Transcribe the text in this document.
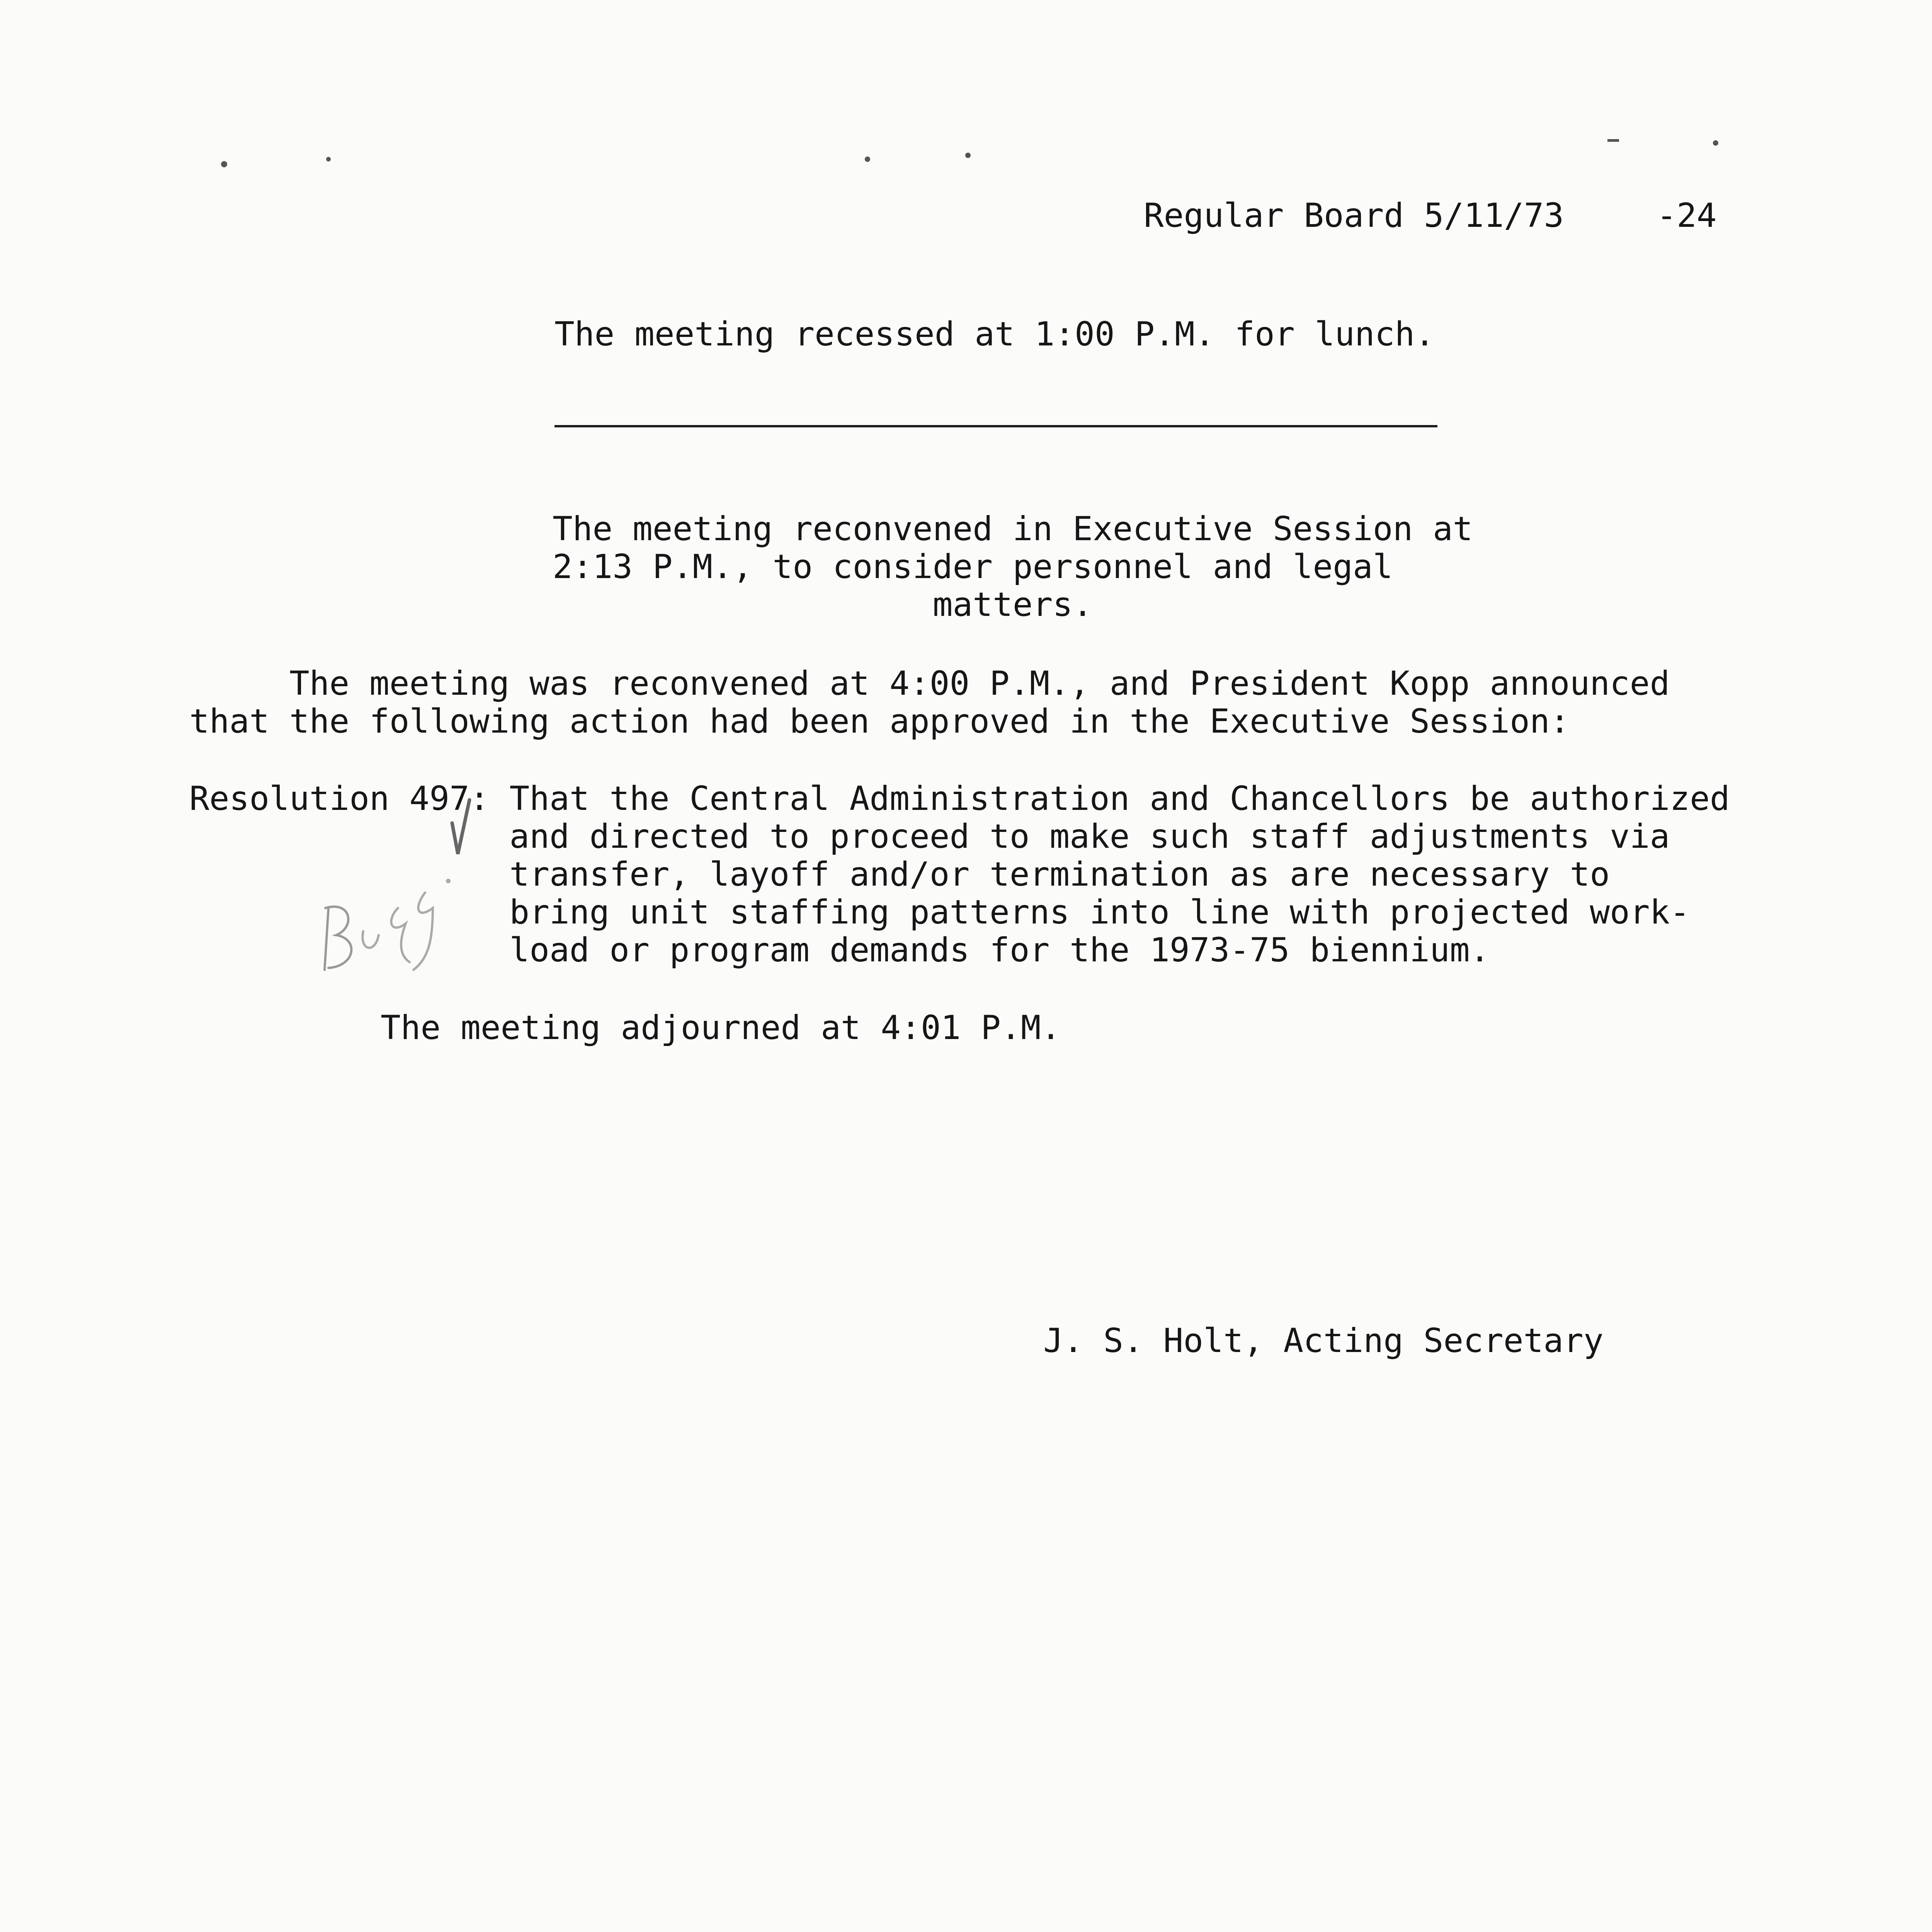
Regular Board 5/11/73	-24
The meeting recessed at 1:00 P.M. for lunch.
The meeting reconvened in Executive Session at
2:13 P.M., to consider personnel and legal

matters.
The meeting was reconvened at 4:00 P.M., and President Kopp announced
that the following action had been approved in the Executive Session:
Resolution 497: That the Central Administration and Chancellors be authorized
and directed to proceed to make such staff adjustments via
transfer, layoff and/or termination as are necessary to
bring unit staffing patterns into line with projected work-
load or program demands for the 1973-75 biennium.
The meeting adjourned at 4:01 P.M.
J. S. Holt, Acting Secretary
